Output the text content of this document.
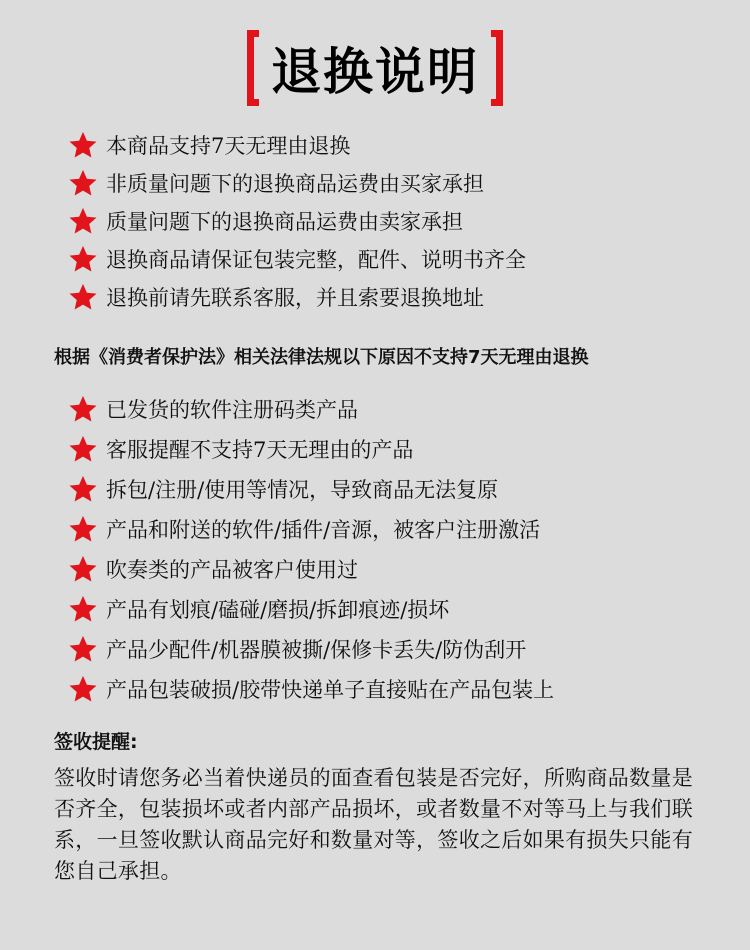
退换说明
本商品支持7天无理由退换
非质量问题下的退换商品运费由买家承担
质量问题下的退换商品运费由卖家承担
退换商品请保证包装完整，配件、说明书齐全
退换前请先联系客服，并且索要退换地址
根据《消费者保护法》相关法律法规以下原因不支持7天无理由退换
已发货的软件注册码类产品
客服提醒不支持7天无理由的产品
拆包/注册/使用等情况，导致商品无法复原
产品和附送的软件/插件/音源，被客户注册激活
吹奏类的产品被客户使用过
产品有划痕/磕碰/磨损/拆卸痕迹/损坏
产品少配件/机器膜被撕/保修卡丢失/防伪刮开
产品包装破损/胶带快递单子直接贴在产品包装上
签收提醒:
签收时请您务必当着快递员的面查看包装是否完好，所购商品数量是否齐全，包装损坏或者内部产品损坏，或者数量不对等马上与我们联系，一旦签收默认商品完好和数量对等，签收之后如果有损失只能有您自己承担。
